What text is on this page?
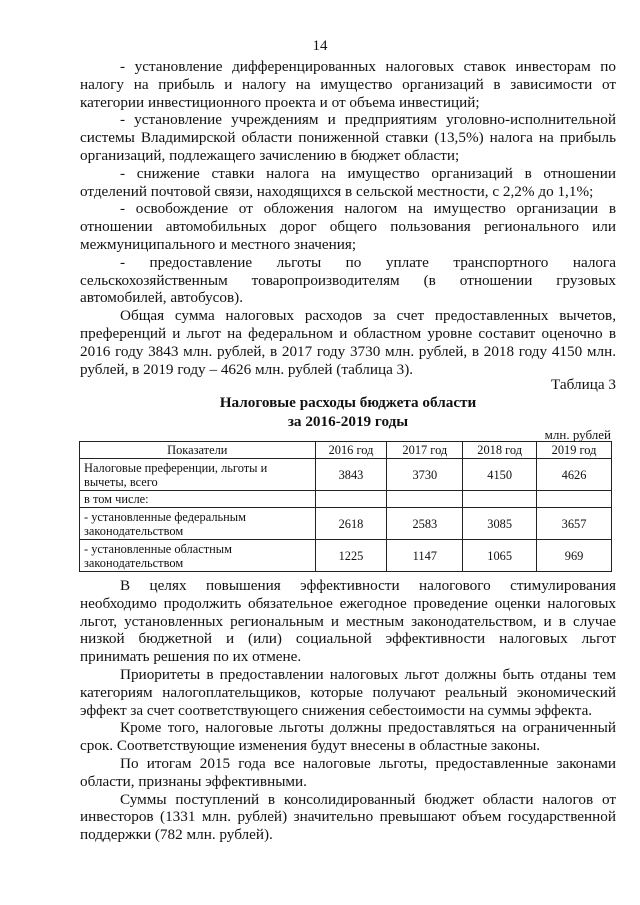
14

- установление дифференцированных налоговых ставок инвесторам по налогу на прибыль и налогу на имущество организаций в зависимости от категории инвестиционного проекта и от объема инвестиций;

- установление учреждениям и предприятиям уголовно-исполнительной системы Владимирской области пониженной ставки (13,5%) налога на прибыль организаций, подлежащего зачислению в бюджет области;

- снижение ставки налога на имущество организаций в отношении отделений почтовой связи, находящихся в сельской местности, с 2,2% до 1,1%;

- освобождение от обложения налогом на имущество организации в отношении автомобильных дорог общего пользования регионального или межмуниципального и местного значения;

- предоставление льготы по уплате транспортного налога сельскохозяйственным товаропроизводителям (в отношении грузовых автомобилей, автобусов).

Общая сумма налоговых расходов за счет предоставленных вычетов, преференций и льгот на федеральном и областном уровне составит оценочно в 2016 году 3843 млн. рублей, в 2017 году 3730 млн. рублей, в 2018 году 4150 млн. рублей, в 2019 году – 4626 млн. рублей (таблица 3).

Таблица 3
Налоговые расходы бюджета области
за 2016-2019 годы
млн. рублей
Показатели	2016 год	2017 год	2018 год	2019 год
Налоговые преференции, льготы и вычеты, всего	3843	3730	4150	4626
в том числе:				
- установленные федеральным законодательством	2618	2583	3085	3657
- установленные областным законодательством	1225	1147	1065	969

В целях повышения эффективности налогового стимулирования необходимо продолжить обязательное ежегодное проведение оценки налоговых льгот, установленных региональным и местным законодательством, и в случае низкой бюджетной и (или) социальной эффективности налоговых льгот принимать решения по их отмене.

Приоритеты в предоставлении налоговых льгот должны быть отданы тем категориям налогоплательщиков, которые получают реальный экономический эффект за счет соответствующего снижения себестоимости на суммы эффекта.

Кроме того, налоговые льготы должны предоставляться на ограниченный срок. Соответствующие изменения будут внесены в областные законы.

По итогам 2015 года все налоговые льготы, предоставленные законами области, признаны эффективными.

Суммы поступлений в консолидированный бюджет области налогов от инвесторов (1331 млн. рублей) значительно превышают объем государственной поддержки (782 млн. рублей).
